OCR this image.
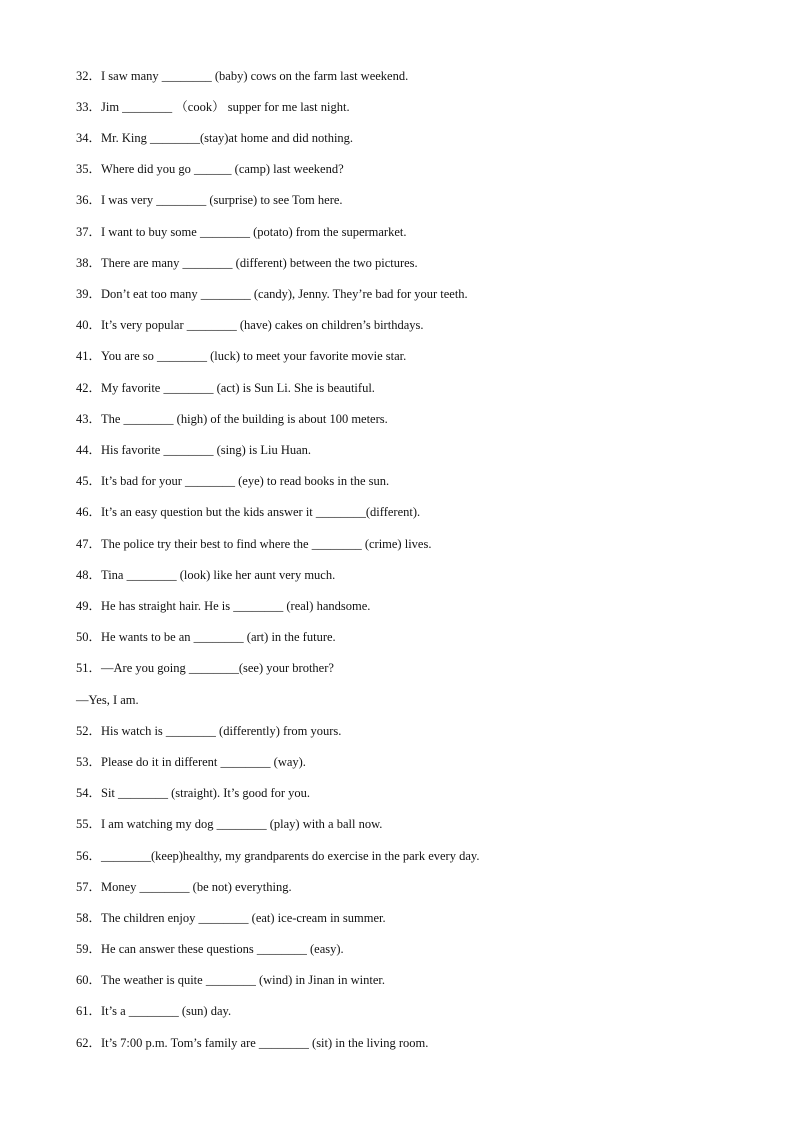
32．I saw many ________ (baby) cows on the farm last weekend.
33．Jim ________ （cook） supper for me last night.
34．Mr. King ________(stay)at home and did nothing.
35．Where did you go ______ (camp) last weekend?
36．I was very ________ (surprise) to see Tom here.
37．I want to buy some ________ (potato) from the supermarket.
38．There are many ________ (different) between the two pictures.
39．Don’t eat too many ________ (candy), Jenny. They’re bad for your teeth.
40．It’s very popular ________ (have) cakes on children’s birthdays.
41．You are so ________ (luck) to meet your favorite movie star.
42．My favorite ________ (act) is Sun Li. She is beautiful.
43．The ________ (high) of the building is about 100 meters.
44．His favorite ________ (sing) is Liu Huan.
45．It’s bad for your ________ (eye) to read books in the sun.
46．It’s an easy question but the kids answer it ________(different).
47．The police try their best to find where the ________ (crime) lives.
48．Tina ________ (look) like her aunt very much.
49．He has straight hair. He is ________ (real) handsome.
50．He wants to be an ________ (art) in the future.
51．—Are you going ________(see) your brother?
—Yes, I am.
52．His watch is ________ (differently) from yours.
53．Please do it in different ________ (way).
54．Sit ________ (straight). It’s good for you.
55．I am watching my dog ________ (play) with a ball now.
56．________(keep)healthy, my grandparents do exercise in the park every day.
57．Money ________ (be not) everything.
58．The children enjoy ________ (eat) ice-cream in summer.
59．He can answer these questions ________ (easy).
60．The weather is quite ________ (wind) in Jinan in winter.
61．It’s a ________ (sun) day.
62．It’s 7:00 p.m. Tom’s family are ________ (sit) in the living room.
